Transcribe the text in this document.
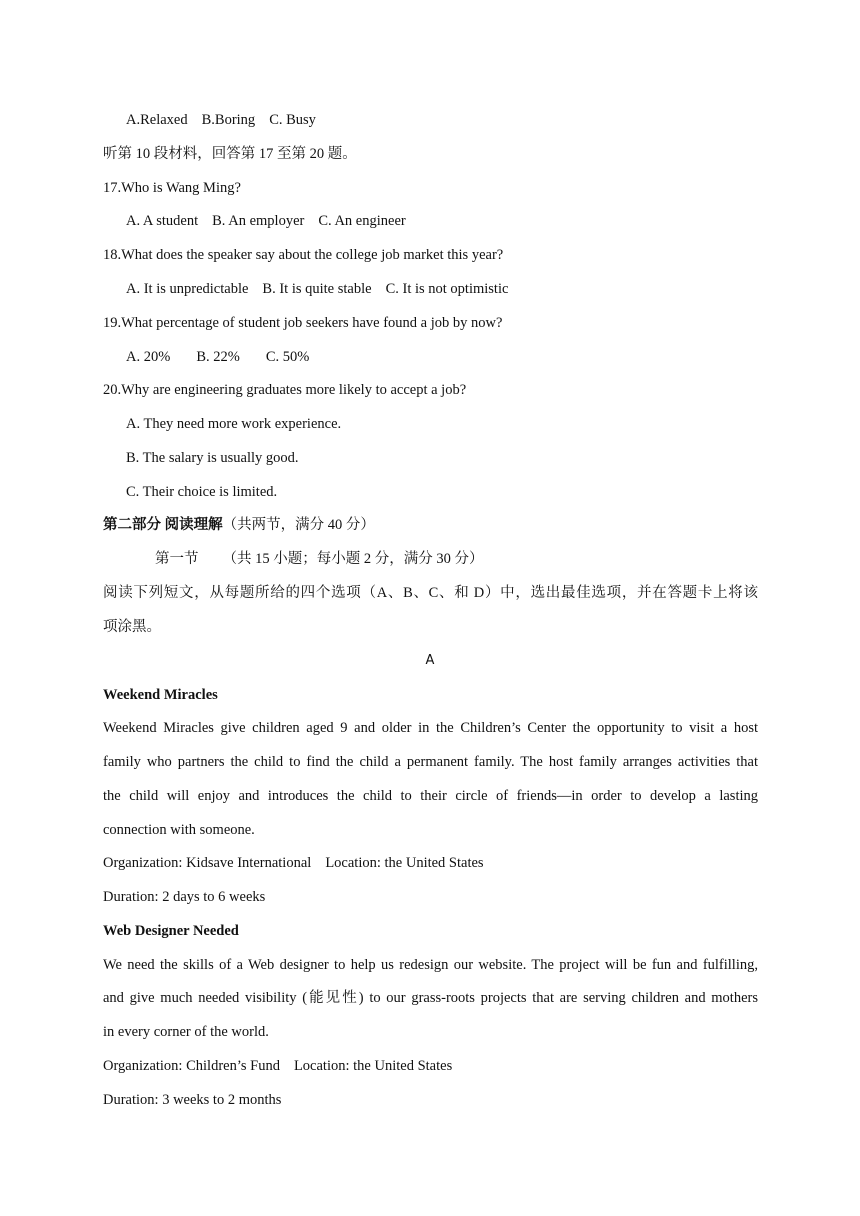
A.Relaxed B.Boring C. Busy
听第 10 段材料，回答第 17 至第 20 题。
17.Who is Wang Ming?
A. A student B. An employer C. An engineer
18.What does the speaker say about the college job market this year?
A. It is unpredictable B. It is quite stable C. It is not optimistic
19.What percentage of student job seekers have found a job by now?
A. 20% B. 22% C. 50%
20.Why are engineering graduates more likely to accept a job?
A. They need more work experience.
B. The salary is usually good.
C. Their choice is limited.
第二部分 阅读理解（共两节，满分 40 分）
第一节 （共 15 小题；每小题 2 分，满分 30 分）
阅读下列短文，从每题所给的四个选项（A、B、C、和 D）中，选出最佳选项，并在答题卡上将该
项涂黑。
A
Weekend Miracles
Weekend Miracles give children aged 9 and older in the Children’s Center the opportunity to visit a host
family who partners the child to find the child a permanent family. The host family arranges activities that
the child will enjoy and introduces the child to their circle of friends—in order to develop a lasting
connection with someone.
Organization: Kidsave International Location: the United States
Duration: 2 days to 6 weeks
Web Designer Needed
We need the skills of a Web designer to help us redesign our website. The project will be fun and fulfilling,
and give much needed visibility (能见性) to our grass-roots projects that are serving children and mothers
in every corner of the world.
Organization: Children’s Fund Location: the United States
Duration: 3 weeks to 2 months
